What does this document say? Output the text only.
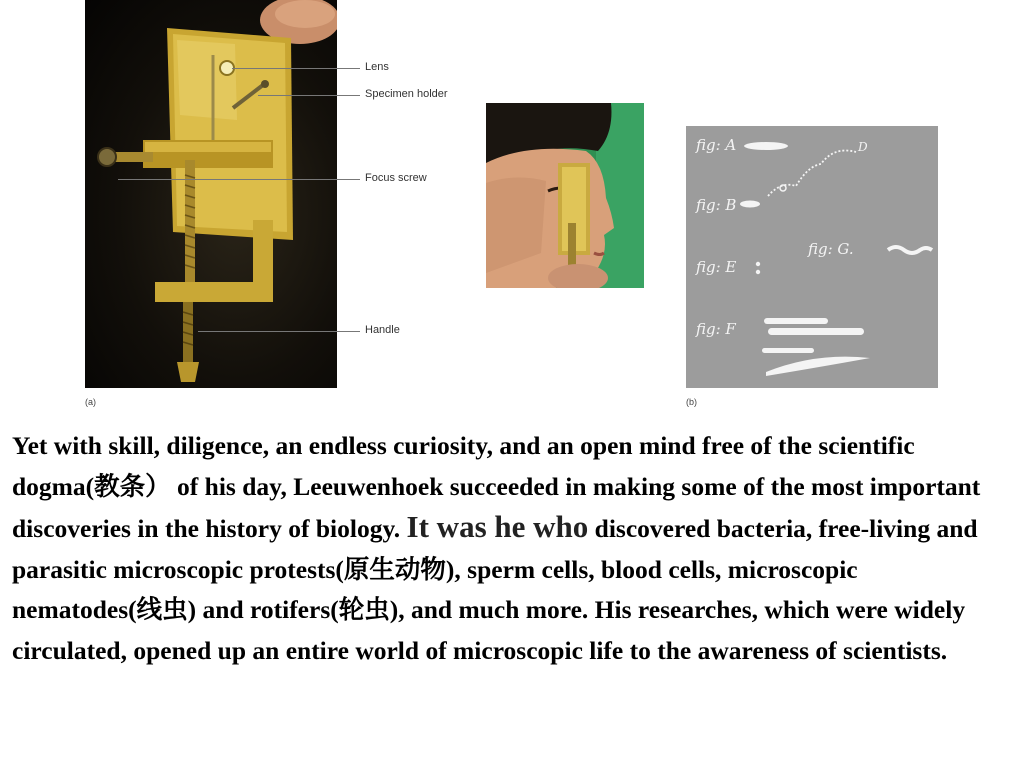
Lens
Specimen holder
Focus screw
Handle
(a)
fig: A
fig: B
fig: E
fig: G.
fig: F
D
(b)

Yet with skill, diligence, an endless curiosity, and an open mind free of the scientific dogma(教条） of his day, Leeuwenhoek succeeded in making some of the most important discoveries in the history of biology. It was he who discovered bacteria, free-living and parasitic microscopic protests(原生动物), sperm cells, blood cells, microscopic nematodes(线虫) and rotifers(轮虫), and much more. His researches, which were widely circulated, opened up an entire world of microscopic life to the awareness of scientists.
